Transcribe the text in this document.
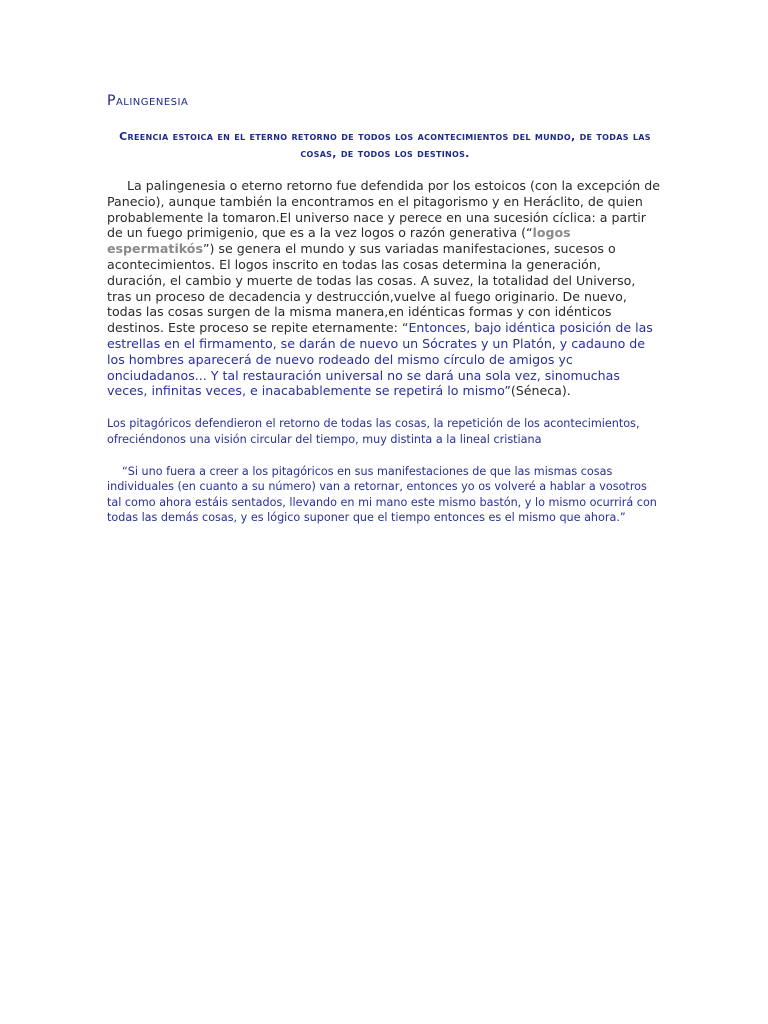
Palingenesia
Creencia estoica en el eterno retorno de todos los acontecimientos del mundo, de todas las cosas, de todos los destinos.

La palingenesia o eterno retorno fue defendida por los estoicos (con la excepción de Panecio), aunque también la encontramos en el pitagorismo y en Heráclito, de quien probablemente la tomaron.El universo nace y perece en una sucesión cíclica: a partir de un fuego primigenio, que es a la vez logos o razón generativa (“logos espermatikós”) se genera el mundo y sus variadas manifestaciones, sucesos o acontecimientos. El logos inscrito en todas las cosas determina la generación, duración, el cambio y muerte de todas las cosas. A suvez, la totalidad del Universo, tras un proceso de decadencia y destrucción,vuelve al fuego originario. De nuevo, todas las cosas surgen de la misma manera,en idénticas formas y con idénticos destinos. Este proceso se repite eternamente: “Entonces, bajo idéntica posición de las estrellas en el firmamento, se darán de nuevo un Sócrates y un Platón, y cadauno de los hombres aparecerá de nuevo rodeado del mismo círculo de amigos yc onciudadanos... Y tal restauración universal no se dará una sola vez, sinomuchas veces, infinitas veces, e inacabablemente se repetirá lo mismo”(Séneca).

Los pitagóricos defendieron el retorno de todas las cosas, la repetición de los acontecimientos, ofreciéndonos una visión circular del tiempo, muy distinta a la lineal cristiana

“Si uno fuera a creer a los pitagóricos en sus manifestaciones de que las mismas cosas individuales (en cuanto a su número) van a retornar, entonces yo os volveré a hablar a vosotros tal como ahora estáis sentados, llevando en mi mano este mismo bastón, y lo mismo ocurrirá con todas las demás cosas, y es lógico suponer que el tiempo entonces es el mismo que ahora.”
